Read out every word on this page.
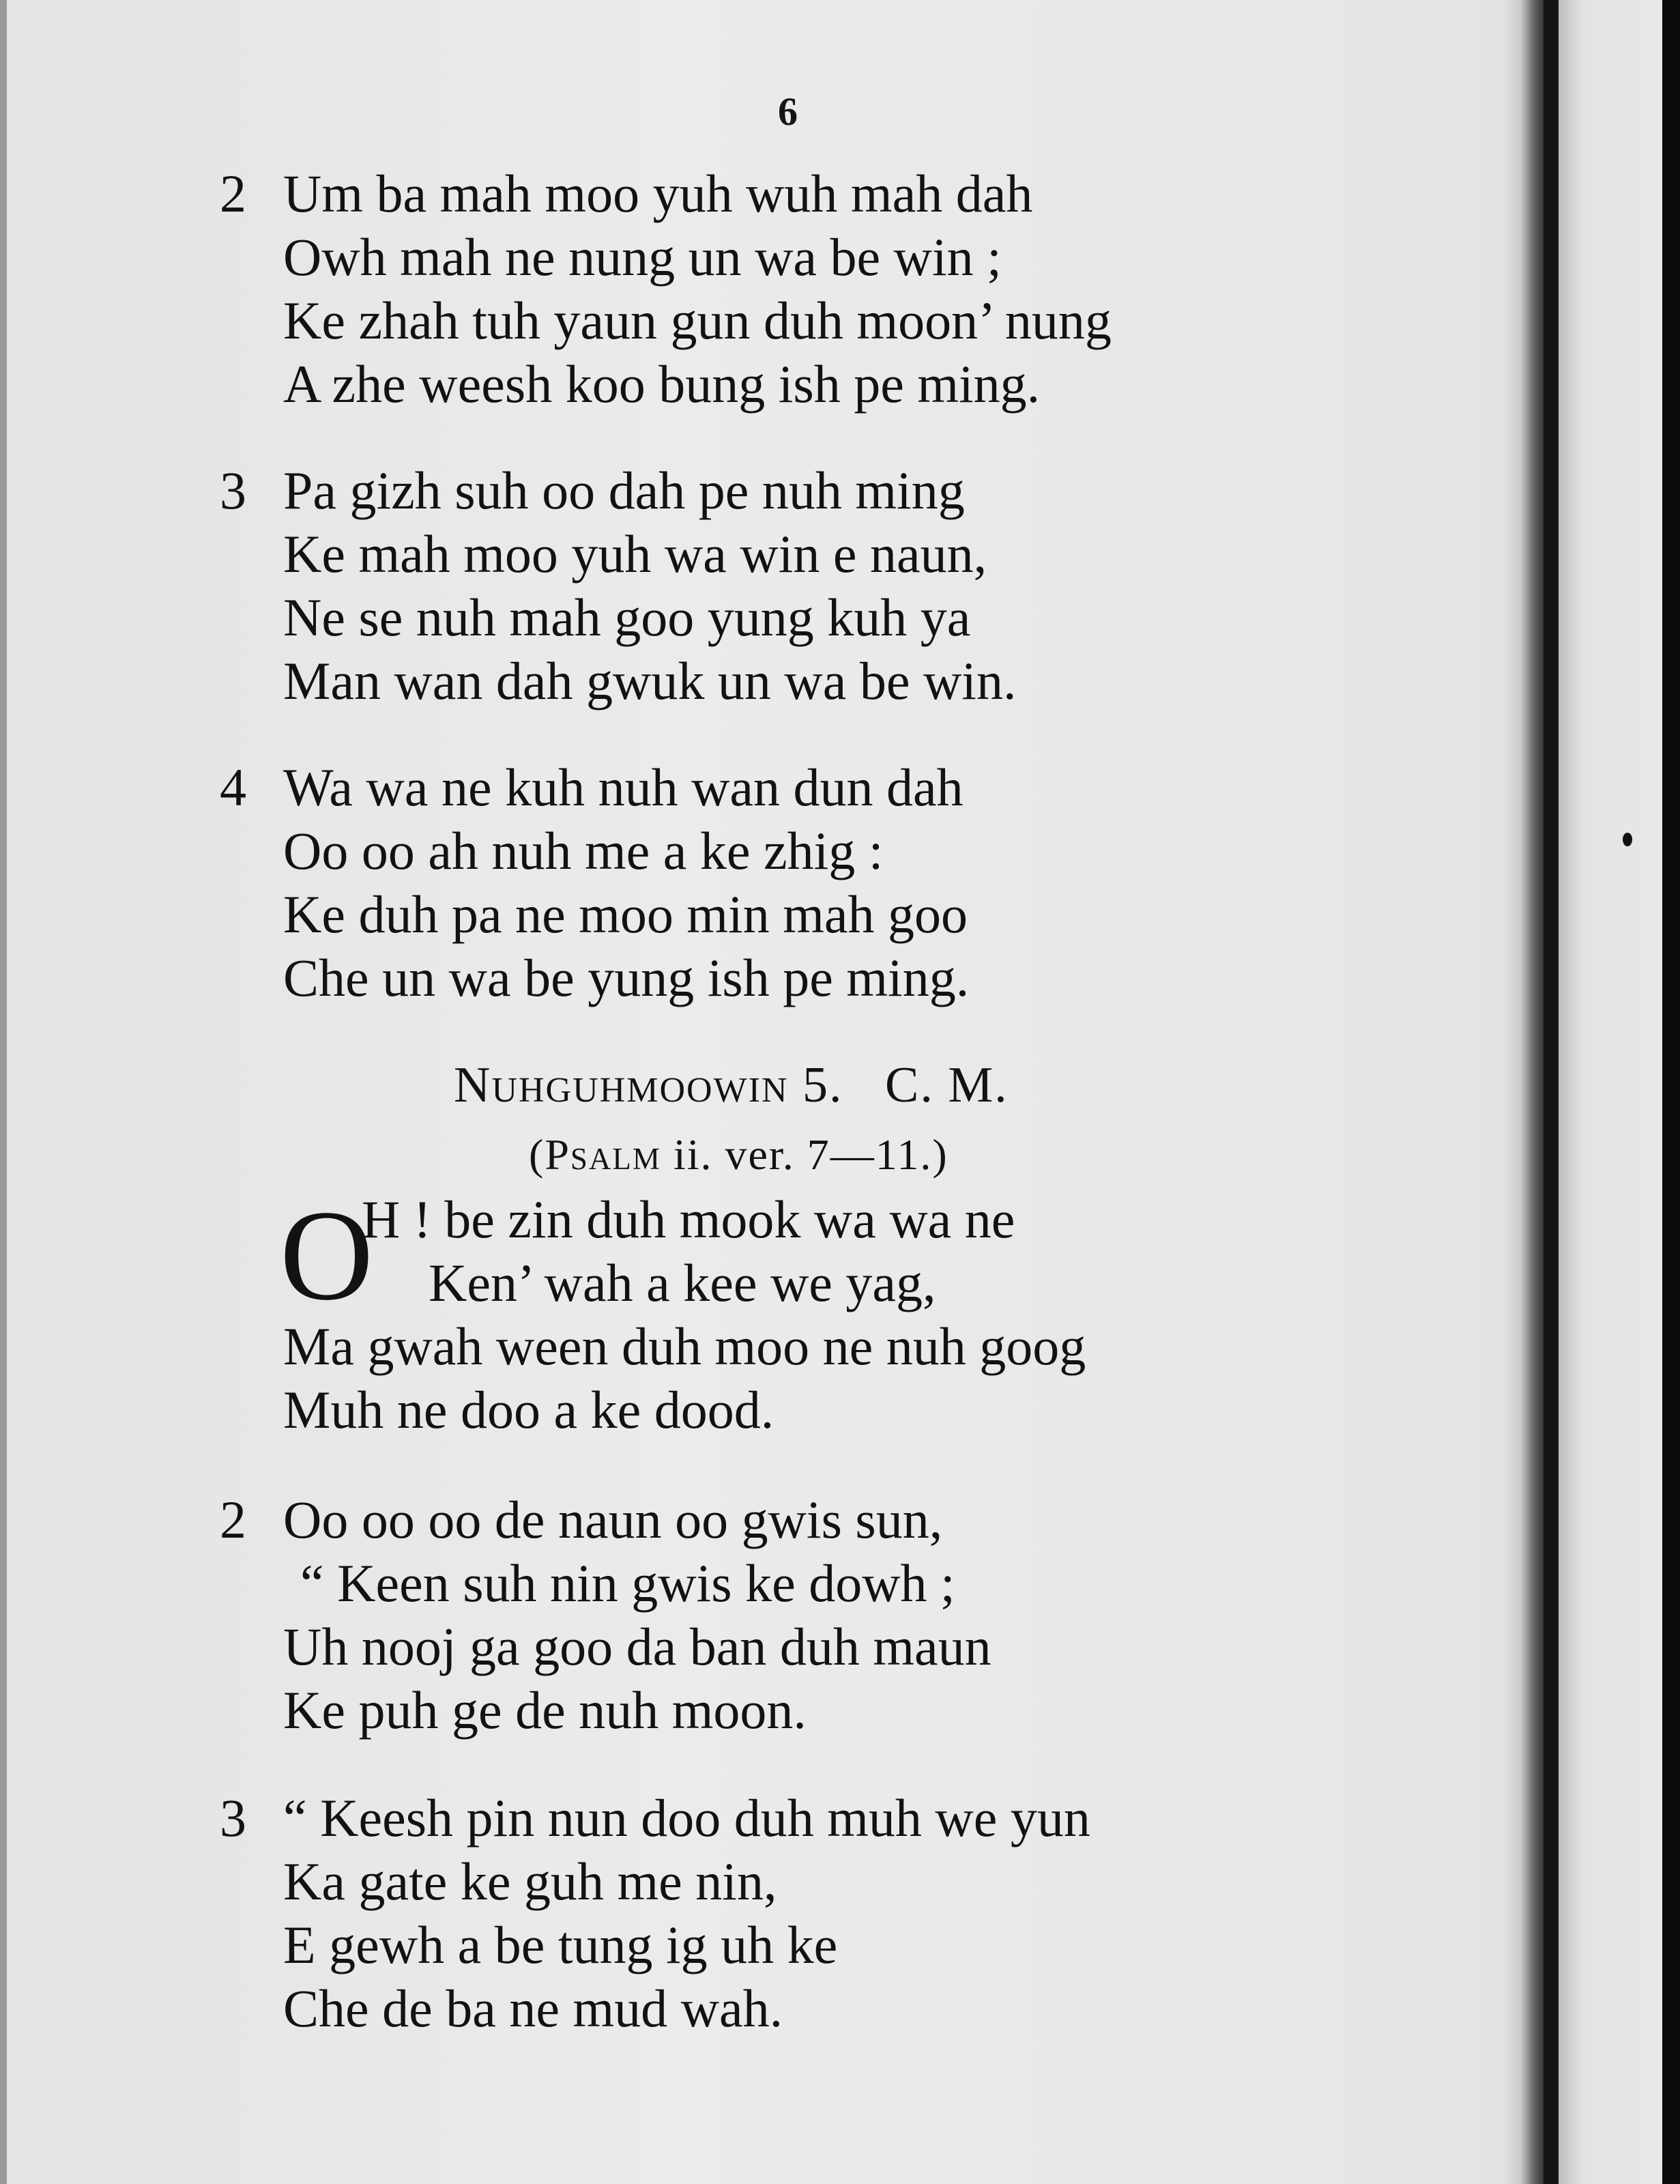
6
2 Um ba mah moo yuh wuh mah dah
Owh mah ne nung un wa be win ;
Ke zhah tuh yaun gun duh moon’ nung
A zhe weesh koo bung ish pe ming.
3 Pa gizh suh oo dah pe nuh ming
Ke mah moo yuh wa win e naun,
Ne se nuh mah goo yung kuh ya
Man wan dah gwuk un wa be win.
4 Wa wa ne kuh nuh wan dun dah
Oo oo ah nuh me a ke zhig :
Ke duh pa ne moo min mah goo
Che un wa be yung ish pe ming.
Nuhguhmoowin 5. C. M.
(Psalm ii. ver. 7—11.)
O
H ! be zin duh mook wa wa ne
Ken’ wah a kee we yag,
Ma gwah ween duh moo ne nuh goog
Muh ne doo a ke dood.
2 Oo oo oo de naun oo gwis sun,
“ Keen suh nin gwis ke dowh ;
Uh nooj ga goo da ban duh maun
Ke puh ge de nuh moon.
3 “ Keesh pin nun doo duh muh we yun
Ka gate ke guh me nin,
E gewh a be tung ig uh ke
Che de ba ne mud wah.
